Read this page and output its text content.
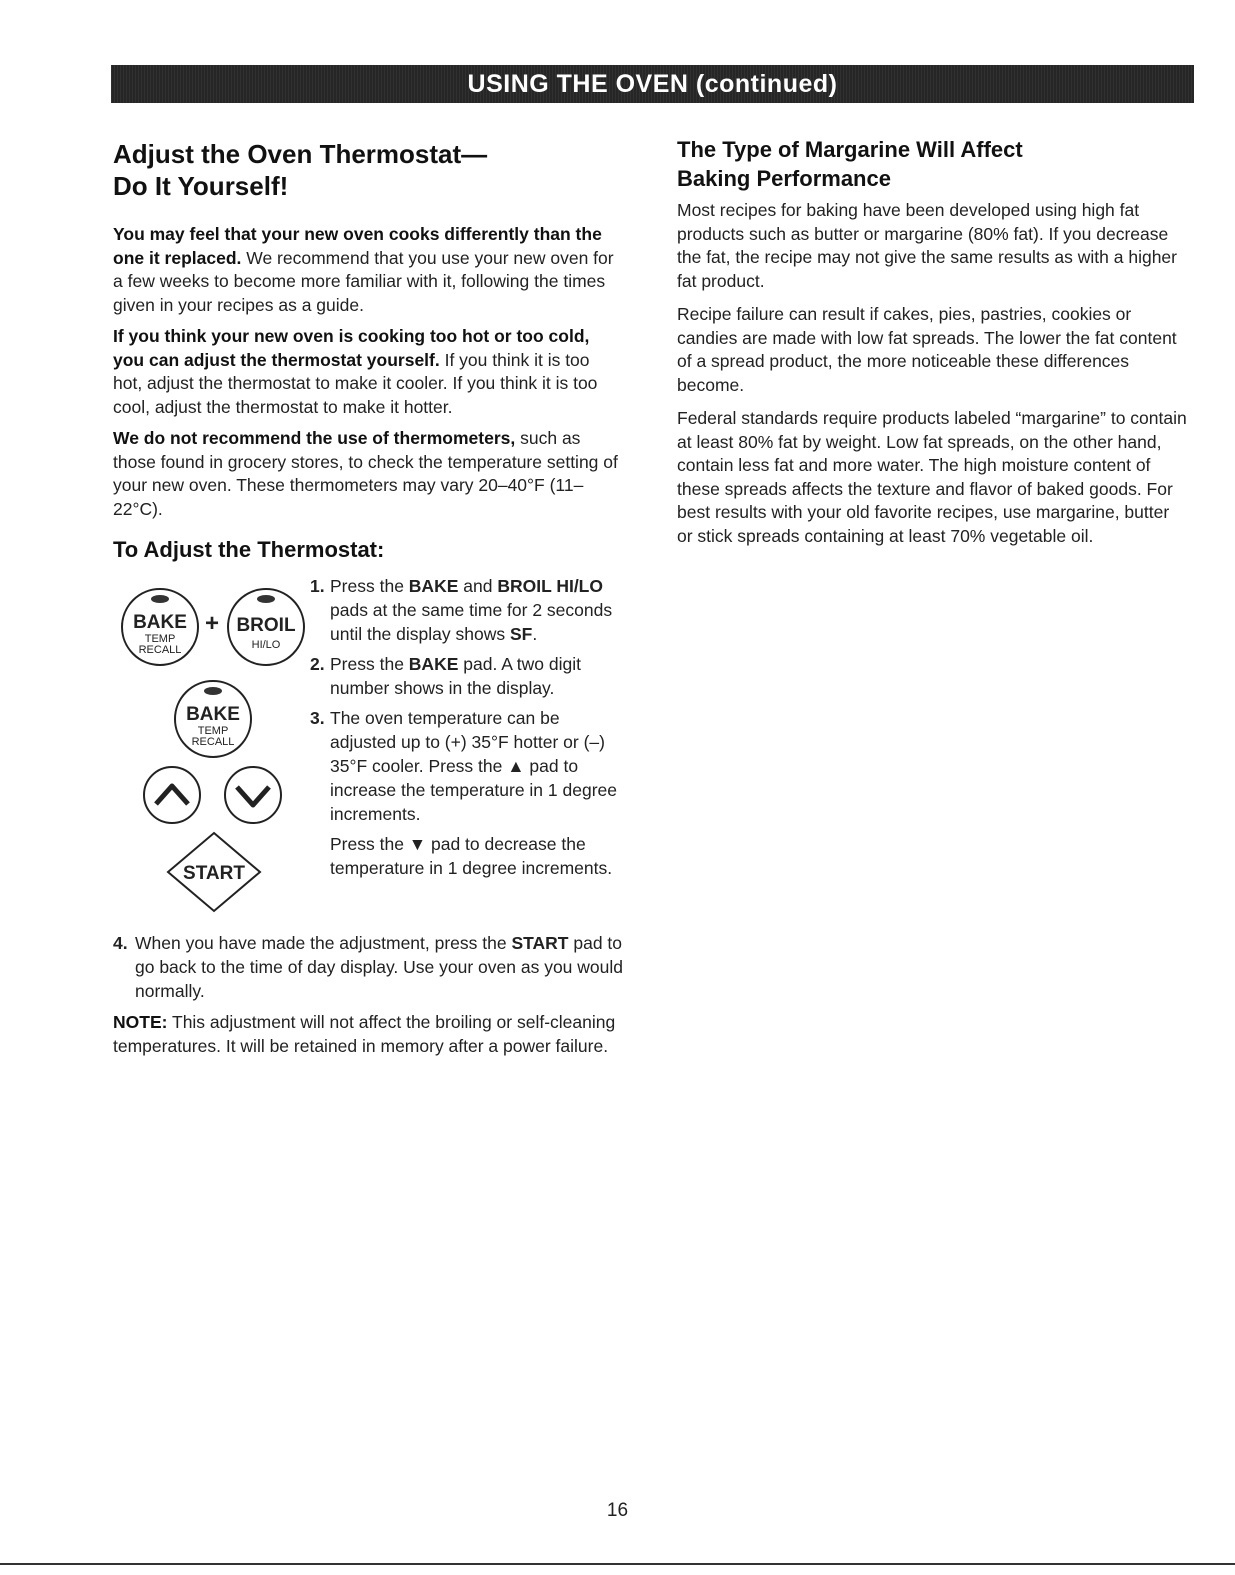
USING THE OVEN (continued)
Adjust the Oven Thermostat—
Do It Yourself!

You may feel that your new oven cooks differently than the one it replaced. We recommend that you use your new oven for a few weeks to become more familiar with it, following the times given in your recipes as a guide.

If you think your new oven is cooking too hot or too cold, you can adjust the thermostat yourself. If you think it is too hot, adjust the thermostat to make it cooler. If you think it is too cool, adjust the thermostat to make it hotter.

We do not recommend the use of thermometers, such as those found in grocery stores, to check the temperature setting of your new oven. These thermometers may vary 20–40°F (11–22°C).

To Adjust the Thermostat:
BAKE
TEMP
RECALL
+ BROIL
HI/LO
BAKE
TEMP
RECALL
START
1. Press the BAKE and BROIL HI/LO pads at the same time for 2 seconds until the display shows SF.
2. Press the BAKE pad. A two digit number shows in the display.
3. The oven temperature can be adjusted up to (+) 35°F hotter or (–) 35°F cooler. Press the ▲ pad to increase the temperature in 1 degree increments.
Press the ▼ pad to decrease the temperature in 1 degree increments.
4. When you have made the adjustment, press the START pad to go back to the time of day display. Use your oven as you would normally.

NOTE: This adjustment will not affect the broiling or self-cleaning temperatures. It will be retained in memory after a power failure.

The Type of Margarine Will Affect
Baking Performance

Most recipes for baking have been developed using high fat products such as butter or margarine (80% fat). If you decrease the fat, the recipe may not give the same results as with a higher fat product.

Recipe failure can result if cakes, pies, pastries, cookies or candies are made with low fat spreads. The lower the fat content of a spread product, the more noticeable these differences become.

Federal standards require products labeled “margarine” to contain at least 80% fat by weight. Low fat spreads, on the other hand, contain less fat and more water. The high moisture content of these spreads affects the texture and flavor of baked goods. For best results with your old favorite recipes, use margarine, butter or stick spreads containing at least 70% vegetable oil.

16
